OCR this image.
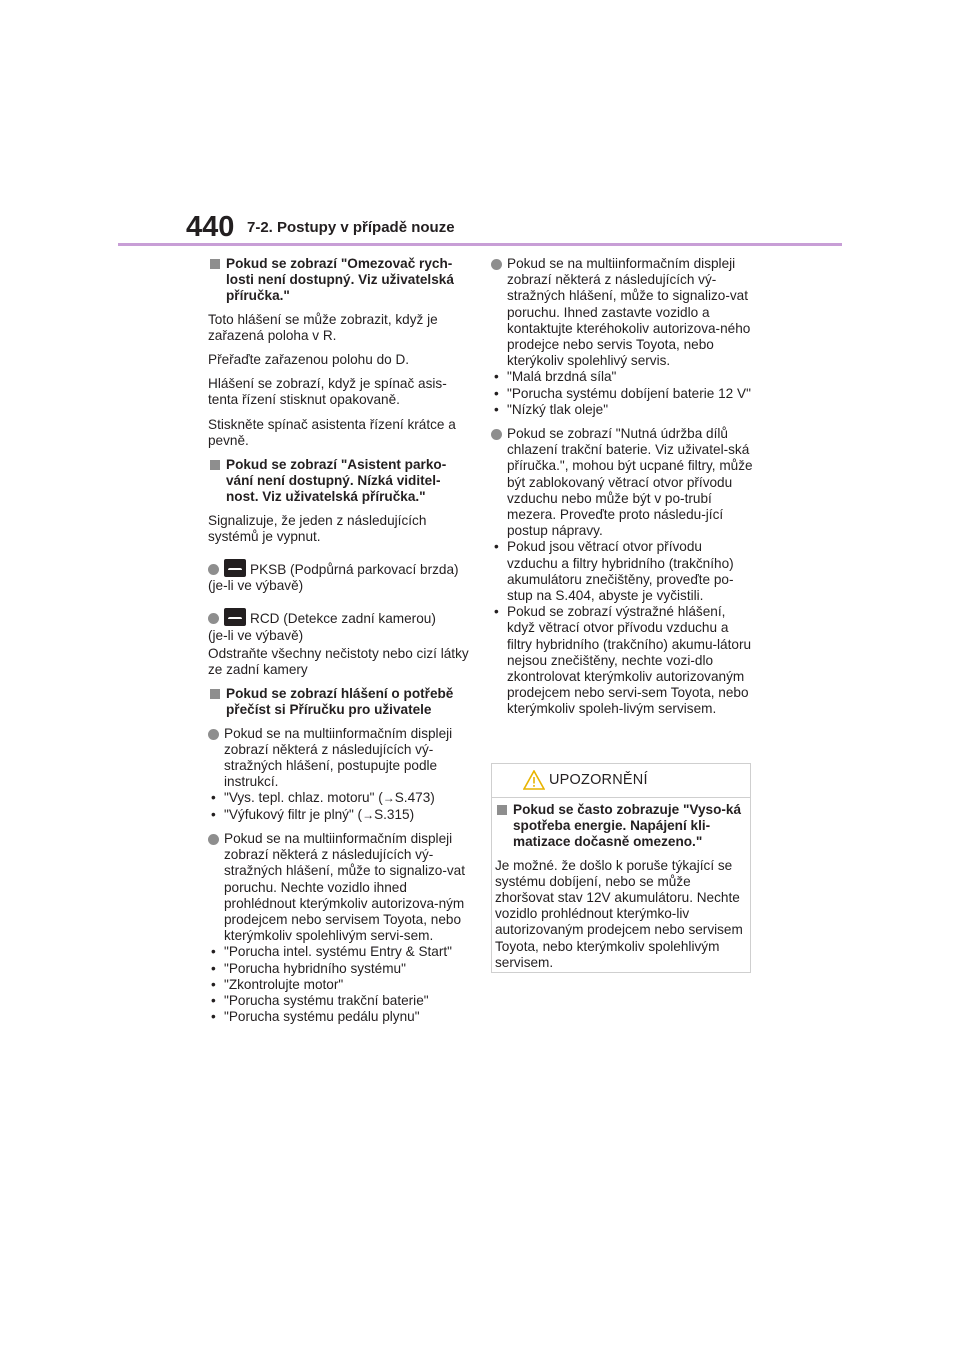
440 7-2. Postupy v případě nouze
Pokud se zobrazí "Omezovač rych-losti není dostupný. Viz uživatelská příručka."

Toto hlášení se může zobrazit, když je zařazená poloha v R.

Přeřaďte zařazenou polohu do D.

Hlášení se zobrazí, když je spínač asis-tenta řízení stisknut opakovaně.

Stiskněte spínač asistenta řízení krátce a pevně.

Pokud se zobrazí "Asistent parko-vání není dostupný. Nízká viditel-nost. Viz uživatelská příručka."

Signalizuje, že jeden z následujících systémů je vypnut.

PKSB (Podpůrná parkovací brzda)
(je-li ve výbavě)
RCD (Detekce zadní kamerou)
(je-li ve výbavě)

Odstraňte všechny nečistoty nebo cizí látky ze zadní kamery

Pokud se zobrazí hlášení o potřebě přečíst si Příručku pro uživatele
Pokud se na multiinformačním displeji zobrazí některá z následujících vý-stražných hlášení, postupujte podle instrukcí.
• "Vys. tepl. chlaz. motoru" (→S.473)
• "Výfukový filtr je plný" (→S.315)
Pokud se na multiinformačním displeji zobrazí některá z následujících vý-stražných hlášení, může to signalizo-vat poruchu. Nechte vozidlo ihned prohlédnout kterýmkoliv autorizova-ným prodejcem nebo servisem Toyota, nebo kterýmkoliv spolehlivým servi-sem.
• "Porucha intel. systému Entry & Start"
• "Porucha hybridního systému"
• "Zkontrolujte motor"
• "Porucha systému trakční baterie"
• "Porucha systému pedálu plynu"
Pokud se na multiinformačním displeji zobrazí některá z následujících vý-stražných hlášení, může to signalizo-vat poruchu. Ihned zastavte vozidlo a kontaktujte kteréhokoliv autorizova-ného prodejce nebo servis Toyota, nebo kterýkoliv spolehlivý servis.
• "Malá brzdná síla"
• "Porucha systému dobíjení baterie 12 V"
• "Nízký tlak oleje"
Pokud se zobrazí "Nutná údržba dílů chlazení trakční baterie. Viz uživatel-ská příručka.", mohou být ucpané filtry, může být zablokovaný větrací otvor přívodu vzduchu nebo může být v po-trubí mezera. Proveďte proto následu-jící postup nápravy.
• Pokud jsou větrací otvor přívodu vzduchu a filtry hybridního (trakčního) akumulátoru znečištěny, proveďte po-stup na S.404, abyste je vyčistili.
• Pokud se zobrazí výstražné hlášení, když větrací otvor přívodu vzduchu a filtry hybridního (trakčního) akumu-látoru nejsou znečištěny, nechte vozi-dlo zkontrolovat kterýmkoliv autorizovaným prodejcem nebo servi-sem Toyota, nebo kterýmkoliv spoleh-livým servisem.
UPOZORNĚNÍ
Pokud se často zobrazuje "Vyso-ká spotřeba energie. Napájení kli-matizace dočasně omezeno."

Je možné. že došlo k poruše týkající se systému dobíjení, nebo se může zhoršovat stav 12V akumulátoru. Nechte vozidlo prohlédnout kterýmko-liv autorizovaným prodejcem nebo servisem Toyota, nebo kterýmkoliv spolehlivým servisem.
